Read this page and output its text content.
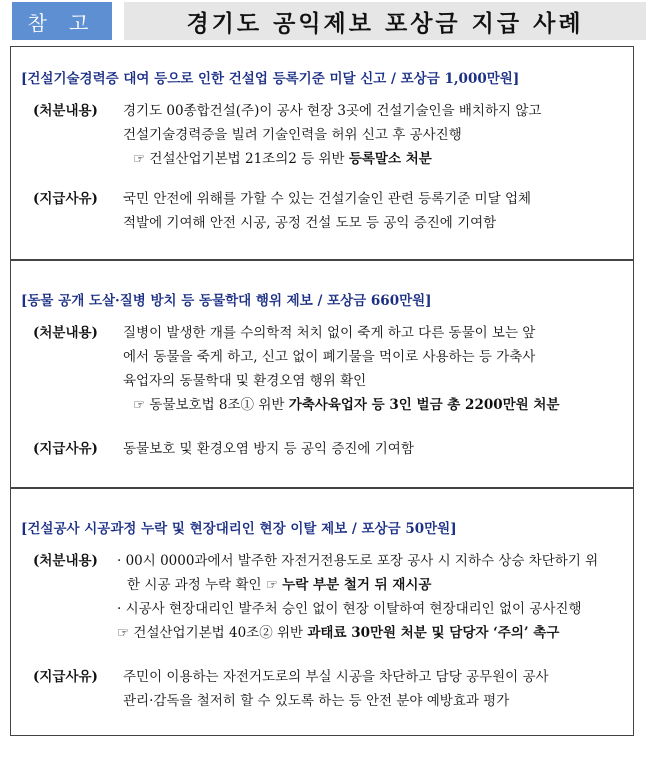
참 고	경기도 공익제보 포상금 지급 사례
[건설기술경력증 대여 등으로 인한 건설업 등록기준 미달 신고 / 포상금 1,000만원]
(처분내용)	경기도 00종합건설(주)이 공사 현장 3곳에 건설기술인을 배치하지 않고
건설기술경력증을 빌려 기술인력을 허위 신고 후 공사진행
☞ 건설산업기본법 21조의2 등 위반 등록말소 처분
(지급사유)	국민 안전에 위해를 가할 수 있는 건설기술인 관련 등록기준 미달 업체
적발에 기여해 안전 시공, 공정 건설 도모 등 공익 증진에 기여함
[동물 공개 도살·질병 방치 등 동물학대 행위 제보 / 포상금 660만원]
(처분내용)	질병이 발생한 개를 수의학적 처치 없이 죽게 하고 다른 동물이 보는 앞
에서 동물을 죽게 하고, 신고 없이 폐기물을 먹이로 사용하는 등 가축사
육업자의 동물학대 및 환경오염 행위 확인
☞ 동물보호법 8조① 위반 가축사육업자 등 3인 벌금 총 2200만원 처분
(지급사유)	동물보호 및 환경오염 방지 등 공익 증진에 기여함
[건설공사 시공과정 누락 및 현장대리인 현장 이탈 제보 / 포상금 50만원]
(처분내용)	· 00시 0000과에서 발주한 자전거전용도로 포장 공사 시 지하수 상승 차단하기 위
한 시공 과정 누락 확인 ☞ 누락 부분 철거 뒤 재시공
· 시공사 현장대리인 발주처 승인 없이 현장 이탈하여 현장대리인 없이 공사진행
☞ 건설산업기본법 40조② 위반 과태료 30만원 처분 및 담당자 ‘주의’ 촉구
(지급사유)	주민이 이용하는 자전거도로의 부실 시공을 차단하고 담당 공무원이 공사
관리·감독을 철저히 할 수 있도록 하는 등 안전 분야 예방효과 평가
